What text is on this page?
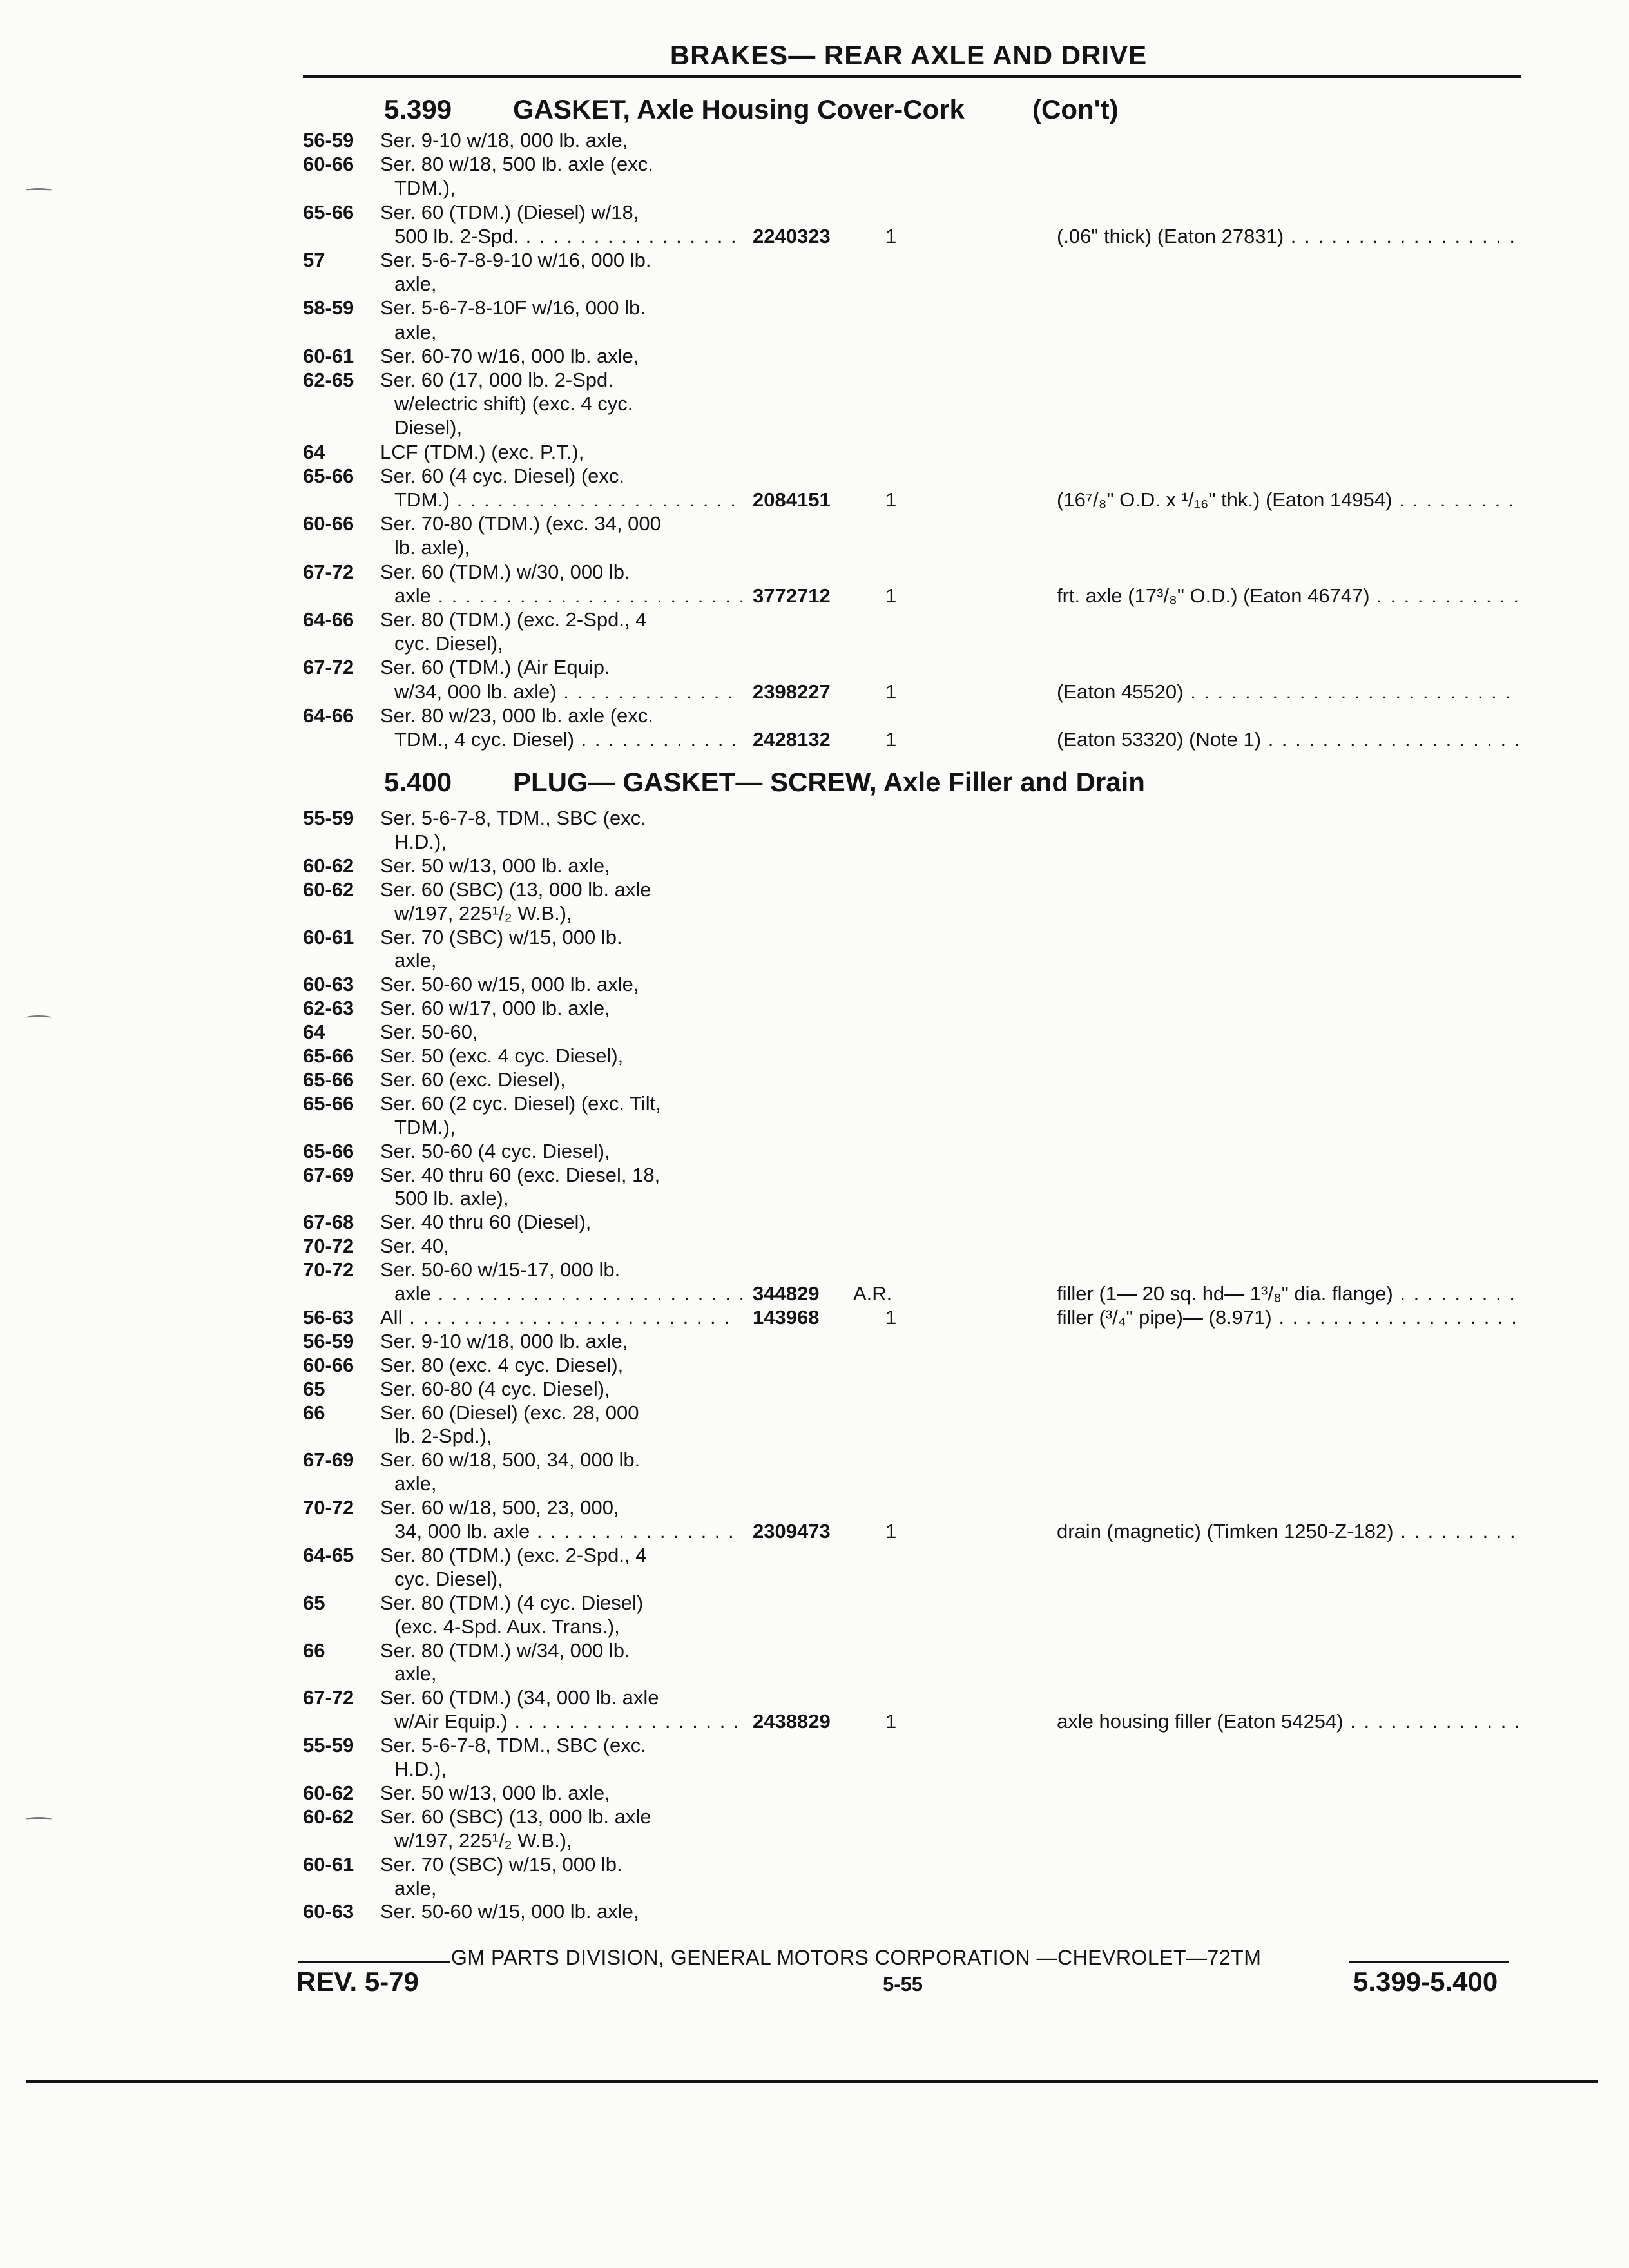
BRAKES— REAR AXLE AND DRIVE
5.399 GASKET, Axle Housing Cover-Cork	(Con't)
56-59 Ser. 9-10 w/18, 000 lb. axle,
60-66 Ser. 80 w/18, 500 lb. axle (exc.
TDM.),
65-66 Ser. 60 (TDM.) (Diesel) w/18,
500 lb. 2-Spd. . . .	2240323	1	(.06" thick) (Eaton 27831) . . .
57	Ser. 5-6-7-8-9-10 w/16, 000 lb.
axle,
58-59 Ser. 5-6-7-8-10F w/16, 000 lb.
axle,
60-61 Ser. 60-70 w/16, 000 lb. axle,
62-65 Ser. 60 (17, 000 lb. 2-Spd.
w/electric shift) (exc. 4 cyc.
Diesel),
64	LCF (TDM.) (exc. P.T.),
65-66 Ser. 60 (4 cyc. Diesel) (exc.
TDM.) . . .	2084151	1	(16⁷/₈" O.D. x ¹/₁₆" thk.) (Eaton 14954) . . .
60-66 Ser. 70-80 (TDM.) (exc. 34, 000
lb. axle),
67-72 Ser. 60 (TDM.) w/30, 000 lb.
axle . . .	3772712	1	frt. axle (17³/₈" O.D.) (Eaton 46747) . . .
64-66 Ser. 80 (TDM.) (exc. 2-Spd., 4
cyc. Diesel),
67-72 Ser. 60 (TDM.) (Air Equip.
w/34, 000 lb. axle) . . .	2398227	1	(Eaton 45520) . . .
64-66 Ser. 80 w/23, 000 lb. axle (exc.
TDM., 4 cyc. Diesel) . . .	2428132	1	(Eaton 53320) (Note 1) . . .
5.400 PLUG— GASKET— SCREW, Axle Filler and Drain
55-59 Ser. 5-6-7-8, TDM., SBC (exc.
H.D.),
60-62 Ser. 50 w/13, 000 lb. axle,
60-62 Ser. 60 (SBC) (13, 000 lb. axle
w/197, 225¹/₂ W.B.),
60-61 Ser. 70 (SBC) w/15, 000 lb.
axle,
60-63 Ser. 50-60 w/15, 000 lb. axle,
62-63 Ser. 60 w/17, 000 lb. axle,
64	Ser. 50-60,
65-66 Ser. 50 (exc. 4 cyc. Diesel),
65-66 Ser. 60 (exc. Diesel),
65-66 Ser. 60 (2 cyc. Diesel) (exc. Tilt,
TDM.),
65-66 Ser. 50-60 (4 cyc. Diesel),
67-69 Ser. 40 thru 60 (exc. Diesel, 18,
500 lb. axle),
67-68 Ser. 40 thru 60 (Diesel),
70-72 Ser. 40,
70-72 Ser. 50-60 w/15-17, 000 lb.
axle . . .	344829 A.R.	filler (1— 20 sq. hd— 1³/₈" dia. flange) . . .
56-63 All . . .	143968	1	filler (³/₄" pipe)— (8.971) . . .
56-59 Ser. 9-10 w/18, 000 lb. axle,
60-66 Ser. 80 (exc. 4 cyc. Diesel),
65	Ser. 60-80 (4 cyc. Diesel),
66	Ser. 60 (Diesel) (exc. 28, 000
lb. 2-Spd.),
67-69 Ser. 60 w/18, 500, 34, 000 lb.
axle,
70-72 Ser. 60 w/18, 500, 23, 000,
34, 000 lb. axle . . .	2309473	1	drain (magnetic) (Timken 1250-Z-182) . . .
64-65 Ser. 80 (TDM.) (exc. 2-Spd., 4
cyc. Diesel),
65	Ser. 80 (TDM.) (4 cyc. Diesel)
(exc. 4-Spd. Aux. Trans.),
66	Ser. 80 (TDM.) w/34, 000 lb.
axle,
67-72 Ser. 60 (TDM.) (34, 000 lb. axle
w/Air Equip.) . . .	2438829	1	axle housing filler (Eaton 54254) . . .
55-59 Ser. 5-6-7-8, TDM., SBC (exc.
H.D.),
60-62 Ser. 50 w/13, 000 lb. axle,
60-62 Ser. 60 (SBC) (13, 000 lb. axle
w/197, 225¹/₂ W.B.),
60-61 Ser. 70 (SBC) w/15, 000 lb.
axle,
60-63 Ser. 50-60 w/15, 000 lb. axle,
GM PARTS DIVISION, GENERAL MOTORS CORPORATION —CHEVROLET—72TM
REV. 5-79	5-55	5.399-5.400
